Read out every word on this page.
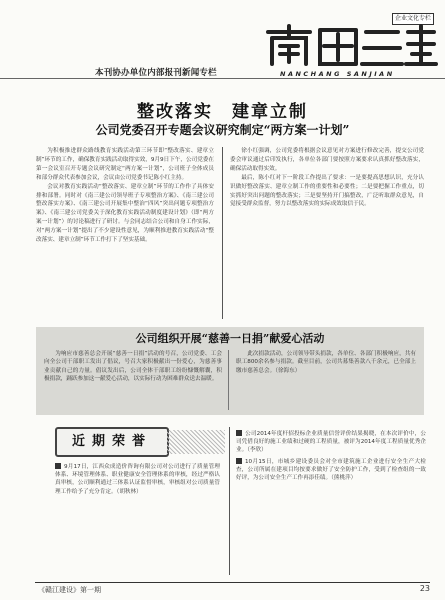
企业文化专栏
NANCHANG SANJIAN
本刊协办单位内部报刊新闻专栏
整改落实　建章立制
公司党委召开专题会议研究制定“两方案一计划”

为积极推进群众路线教育实践活动第三环节即“整改落实、建章立制”环节的工作，确保教育实践活动取得实效，9月9日下午，公司党委在第一会议室召开专题会议研究制定“两方案一计划”，公司班子全体成员和部分群众代表参加会议，会议由公司党委书记陈小红主持。

会议对教育实践活动“整改落实、建章立制”环节的工作作了具体安排和部署。同时对《南三建公司领导班子专项整治方案》、《南三建公司整改落实方案》、《南三建公司开展集中整治“四风”突出问题专项整治方案》、《南三建公司党委关于深化教育实践活动制度建设计划》（即“两方案一计划”）的讨论稿进行了研讨。与会同志结合公司和自身工作实际，对“两方案一计划”提出了不少建设性意见，为顺利推进教育实践活动“整改落实、建章立制”环节工作打下了坚实基础。

徐小红强调，公司党委将根据会议意见对方案进行修改完善，提交公司党委会审议通过后印发执行，各单位各部门要按照方案要求认真抓好整改落实，确保活动取得实效。

最后，陈小红对下一阶段工作提出了要求：一是要提高思想认识，充分认识做好整改落实、建章立制工作的重要性和必要性；二是要把握工作重点，切实抓好突出问题的整改落实；三是要坚持开门搞整改，广泛听取群众意见，自觉接受群众监督，努力以整改落实的实际成效取信于民。

公司组织开展“慈善一日捐”献爱心活动

为响应市慈善总会开展“慈善一日捐”活动的号召，公司党委、工会向全公司干部职工发出了倡议，号召大家积极献出一份爱心，为慈善事业贡献自己的力量。倡议发出后，公司全体干部职工纷纷慷慨解囊，积极捐款，踊跃参加这一献爱心活动，以实际行动为困难群众送去温暖。

此次捐款活动，公司领导带头捐款，各单位、各部门积极响应，共有职工800余名参与捐款。截至目前，公司共募集善款八千余元，已全部上缴市慈善总会。（徐海东）

近期荣誉

9月17日，江西众成造价咨询有限公司对公司进行了质量管理体系、环境管理体系、职业健康安全管理体系的审核，经过严格认真审核，公司顺利通过三体系认证监督审核，审核组对公司质量管理工作给予了充分肯定。（胡秋林）

公司2014年度杆招投标企业质量信誉评价结果揭晓，在本次评价中，公司凭借良好的施工业绩和过硬的工程质量，被评为2014年度工程质量优秀企业。（李欣）

10月15日，市城乡建设委员会对全市建筑施工企业进行安全生产大检查，公司所属在建项目均按要求做好了安全防护工作，受到了检查组的一致好评，为公司安全生产工作再添佳绩。（熊桃萍）

《赣江建设》第一期	23
